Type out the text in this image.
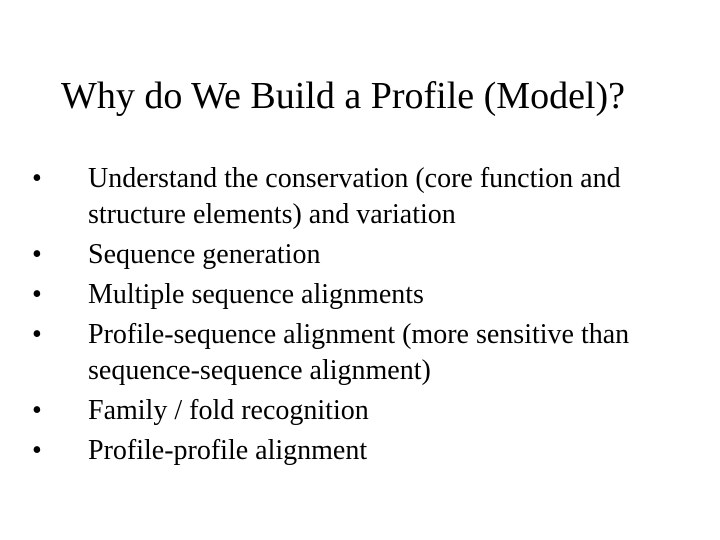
Why do We Build a Profile (Model)?
•	Understand the conservation (core function and structure elements) and variation
•	Sequence generation
•	Multiple sequence alignments
•	Profile-sequence alignment (more sensitive than sequence-sequence alignment)
•	Family / fold recognition
•	Profile-profile alignment
